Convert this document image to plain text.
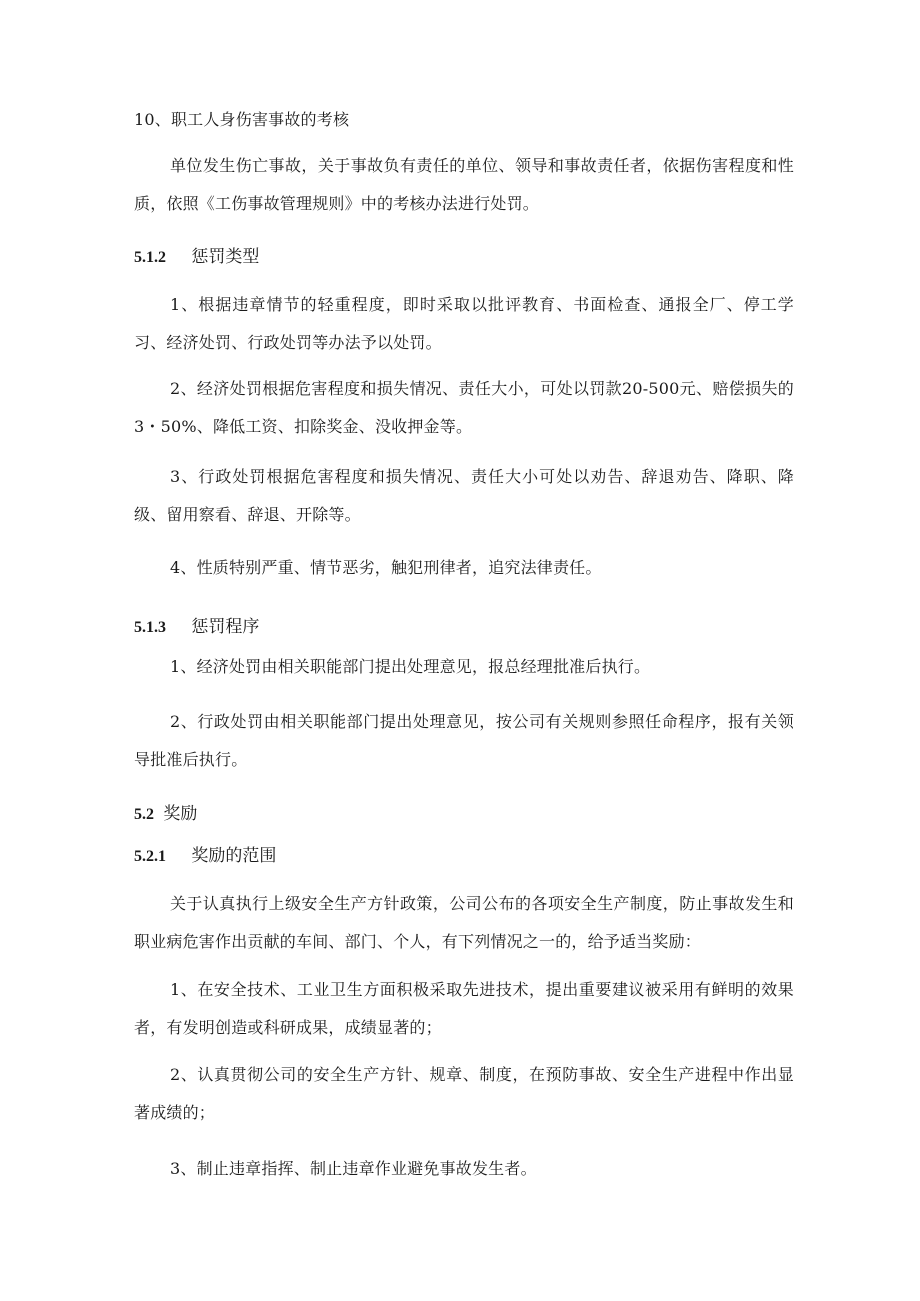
10、职工人身伤害事故的考核
单位发生伤亡事故，关于事故负有责任的单位、领导和事故责任者，依据伤害程度和性质，依照《工伤事故管理规则》中的考核办法进行处罚。
5.1.2 惩罚类型
1、根据违章情节的轻重程度，即时采取以批评教育、书面检查、通报全厂、停工学习、经济处罚、行政处罚等办法予以处罚。
2、经济处罚根据危害程度和损失情况、责任大小，可处以罚款20-500元、赔偿损失的3・50%、降低工资、扣除奖金、没收押金等。
3、行政处罚根据危害程度和损失情况、责任大小可处以劝告、辞退劝告、降职、降级、留用察看、辞退、开除等。
4、性质特别严重、情节恶劣，触犯刑律者，追究法律责任。
5.1.3 惩罚程序
1、经济处罚由相关职能部门提出处理意见，报总经理批准后执行。
2、行政处罚由相关职能部门提出处理意见，按公司有关规则参照任命程序，报有关领导批准后执行。
5.2 奖励
5.2.1 奖励的范围
关于认真执行上级安全生产方针政策，公司公布的各项安全生产制度，防止事故发生和职业病危害作出贡献的车间、部门、个人，有下列情况之一的，给予适当奖励：
1、在安全技术、工业卫生方面积极采取先进技术，提出重要建议被采用有鲜明的效果者，有发明创造或科研成果，成绩显著的；
2、认真贯彻公司的安全生产方针、规章、制度，在预防事故、安全生产进程中作出显著成绩的；
3、制止违章指挥、制止违章作业避免事故发生者。
